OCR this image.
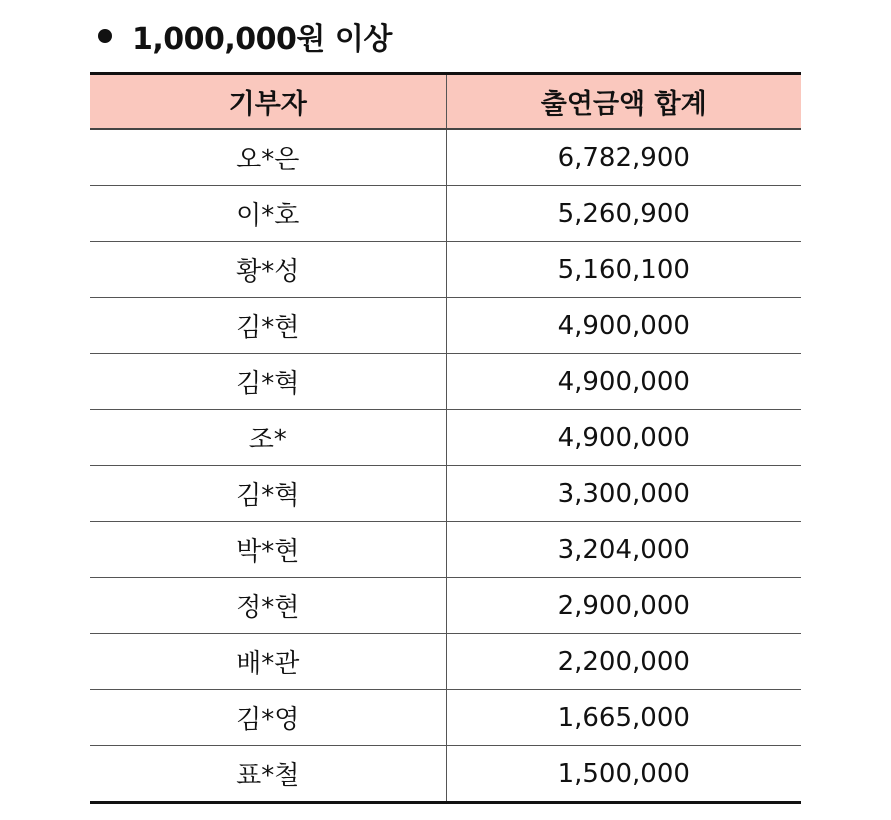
1,000,000원 이상
기부자	출연금액 합계
오*은	6,782,900
이*호	5,260,900
황*성	5,160,100
김*현	4,900,000
김*혁	4,900,000
조*	4,900,000
김*혁	3,300,000
박*현	3,204,000
정*현	2,900,000
배*관	2,200,000
김*영	1,665,000
표*철	1,500,000
